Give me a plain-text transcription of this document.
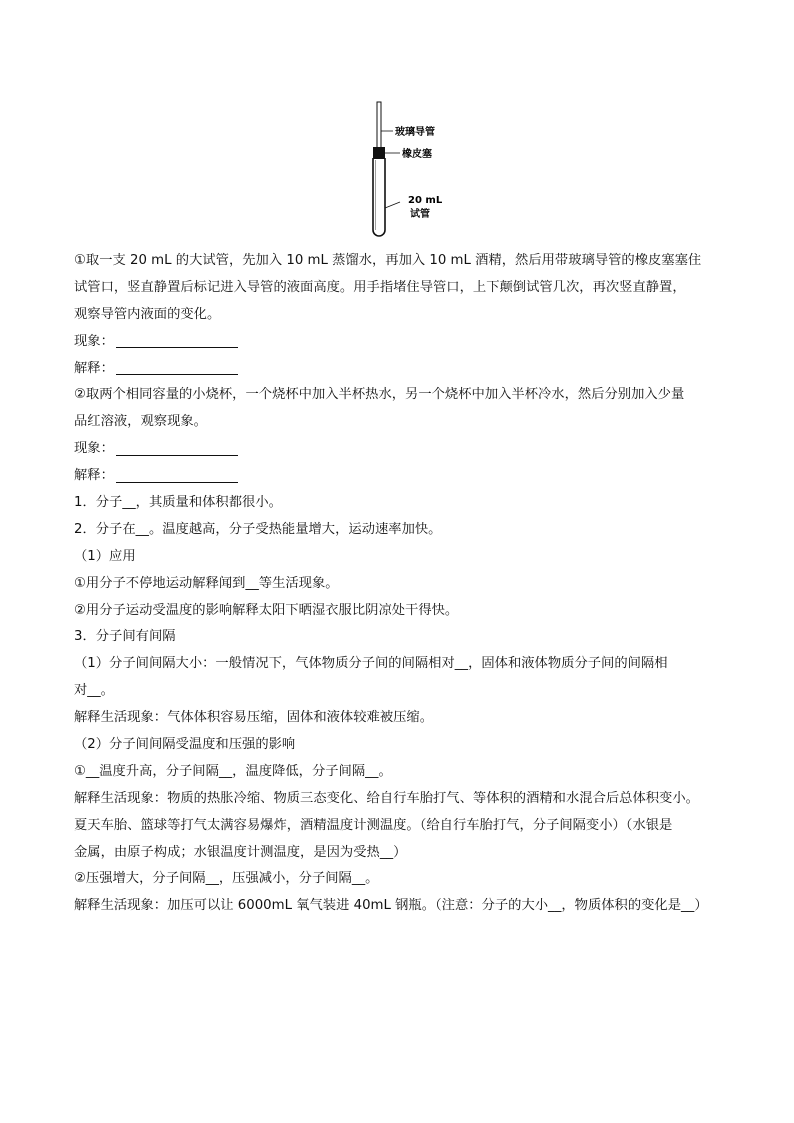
玻璃导管
橡皮塞
20 mL
试管
①取一支 20 mL 的大试管，先加入 10 mL 蒸馏水，再加入 10 mL 酒精，然后用带玻璃导管的橡皮塞塞住
试管口，竖直静置后标记进入导管的液面高度。用手指堵住导管口，上下颠倒试管几次，再次竖直静置，
观察导管内液面的变化。
现象：
解释：
②取两个相同容量的小烧杯，一个烧杯中加入半杯热水，另一个烧杯中加入半杯冷水，然后分别加入少量
品红溶液，观察现象。
现象：
解释：
1．分子__，其质量和体积都很小。
2．分子在__。温度越高，分子受热能量增大，运动速率加快。
（1）应用
①用分子不停地运动解释闻到__等生活现象。
②用分子运动受温度的影响解释太阳下晒湿衣服比阴凉处干得快。
3．分子间有间隔
（1）分子间间隔大小：一般情况下，气体物质分子间的间隔相对__，固体和液体物质分子间的间隔相
对__。
解释生活现象：气体体积容易压缩，固体和液体较难被压缩。
（2）分子间间隔受温度和压强的影响
①__温度升高，分子间隔__，温度降低，分子间隔__。
解释生活现象：物质的热胀冷缩、物质三态变化、给自行车胎打气、等体积的酒精和水混合后总体积变小。
夏天车胎、篮球等打气太满容易爆炸，酒精温度计测温度。（给自行车胎打气，分子间隔变小）（水银是
金属，由原子构成；水银温度计测温度，是因为受热__）
②压强增大，分子间隔__，压强减小，分子间隔__。
解释生活现象：加压可以让 6000mL 氧气装进 40mL 钢瓶。（注意：分子的大小__，物质体积的变化是__）
